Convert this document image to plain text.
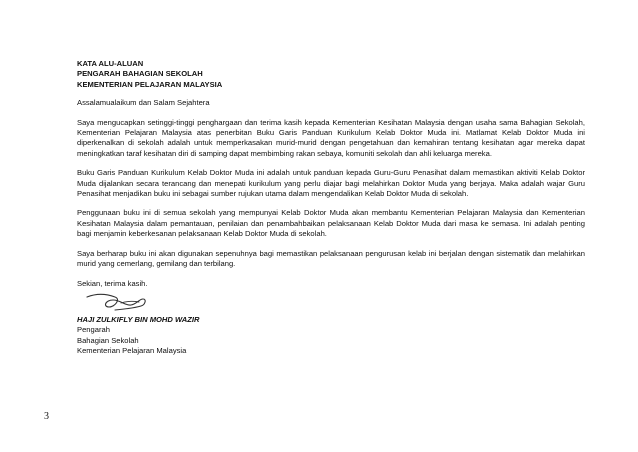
KATA ALU-ALUAN
PENGARAH BAHAGIAN SEKOLAH
KEMENTERIAN PELAJARAN MALAYSIA
Assalamualaikum dan Salam Sejahtera
Saya mengucapkan setinggi-tinggi penghargaan dan terima kasih kepada Kementerian Kesihatan Malaysia dengan usaha sama Bahagian Sekolah, Kementerian Pelajaran Malaysia atas penerbitan Buku Garis Panduan Kurikulum Kelab Doktor Muda ini. Matlamat Kelab Doktor Muda ini diperkenalkan di sekolah adalah untuk memperkasakan murid-murid dengan pengetahuan dan kemahiran tentang kesihatan agar mereka dapat meningkatkan taraf kesihatan diri di samping dapat membimbing rakan sebaya, komuniti sekolah dan ahli keluarga mereka.
Buku Garis Panduan Kurikulum Kelab Doktor Muda ini adalah untuk panduan kepada Guru-Guru Penasihat dalam memastikan aktiviti Kelab Doktor Muda dijalankan secara terancang dan menepati kurikulum yang perlu diajar bagi melahirkan Doktor Muda yang berjaya. Maka adalah wajar Guru Penasihat menjadikan buku ini sebagai sumber rujukan utama dalam mengendalikan Kelab Doktor Muda di sekolah.
Penggunaan buku ini di semua sekolah yang mempunyai Kelab Doktor Muda akan membantu Kementerian Pelajaran Malaysia dan Kementerian Kesihatan Malaysia dalam pemantauan, penilaian dan penambahbaikan pelaksanaan Kelab Doktor Muda dari masa ke semasa. Ini adalah penting bagi menjamin keberkesanan pelaksanaan Kelab Doktor Muda di sekolah.
Saya berharap buku ini akan digunakan sepenuhnya bagi memastikan pelaksanaan pengurusan kelab ini berjalan dengan sistematik dan melahirkan murid yang cemerlang, gemilang dan terbilang.
Sekian, terima kasih.
HAJI ZULKIFLY BIN MOHD WAZIR
Pengarah
Bahagian Sekolah
Kementerian Pelajaran Malaysia
3
